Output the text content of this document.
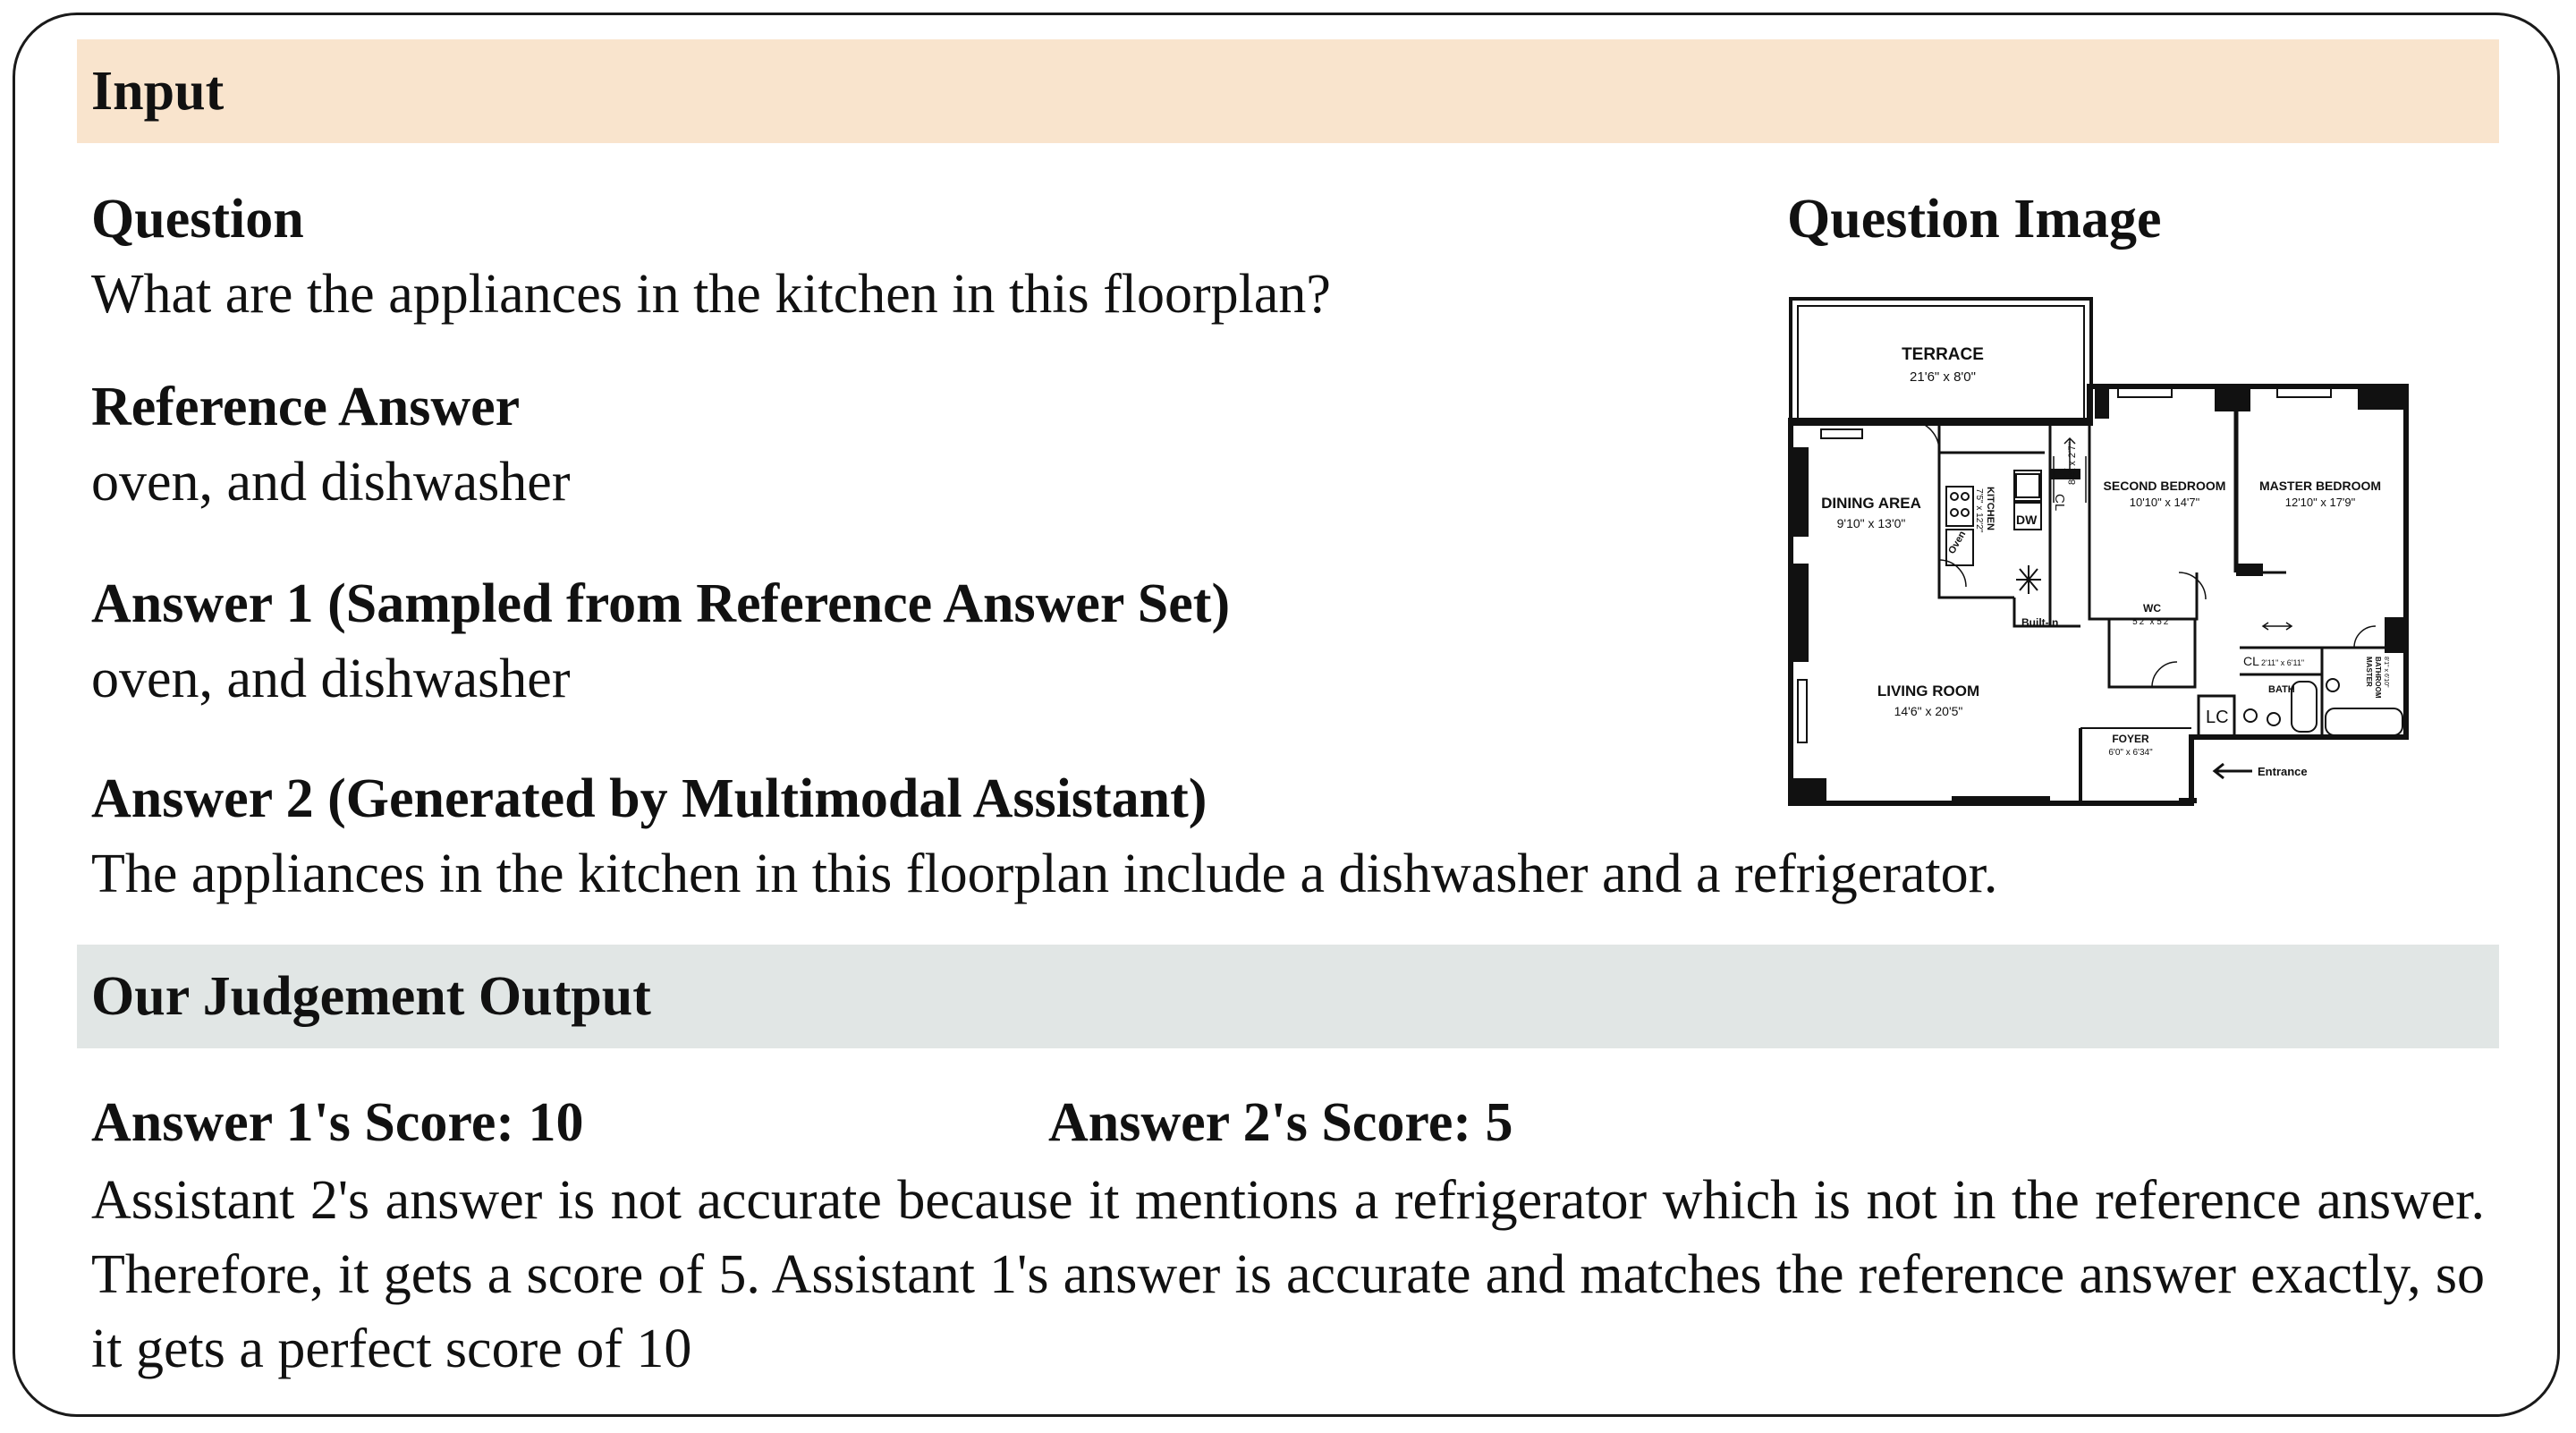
Input
Question
What are the appliances in the kitchen in this floorplan?
Question Image
Reference Answer
oven, and dishwasher
Answer 1 (Sampled from Reference Answer Set)
oven, and dishwasher
Answer 2 (Generated by Multimodal Assistant)
The appliances in the kitchen in this floorplan include a dishwasher and a refrigerator.
Our Judgement Output
Answer 1's Score: 10	Answer 2's Score: 5
Assistant 2's answer is not accurate because it mentions a refrigerator which is not in the reference answer. Therefore, it gets a score of 5. Assistant 1's answer is accurate and matches the reference answer exactly, so it gets a perfect score of 10
TERRACE
21'6" x 8'0"
DINING AREA
9'10" x 13'0"	KITCHEN
7'5" x 12'2"
Oven
DW
CL
8'4" x 2'7"
SECOND BEDROOM
10'10" x 14'7"
MASTER BEDROOM
12'10" x 17'9"
Built-in
WC
5'2" x 5'2"
CL 2'11" x 6'11"
BATH
MASTER BATHROOM 8'1" x 6'10"
LIVING ROOM
14'6" x 20'5"	LC
FOYER
6'0" x 6'34"
Entrance
